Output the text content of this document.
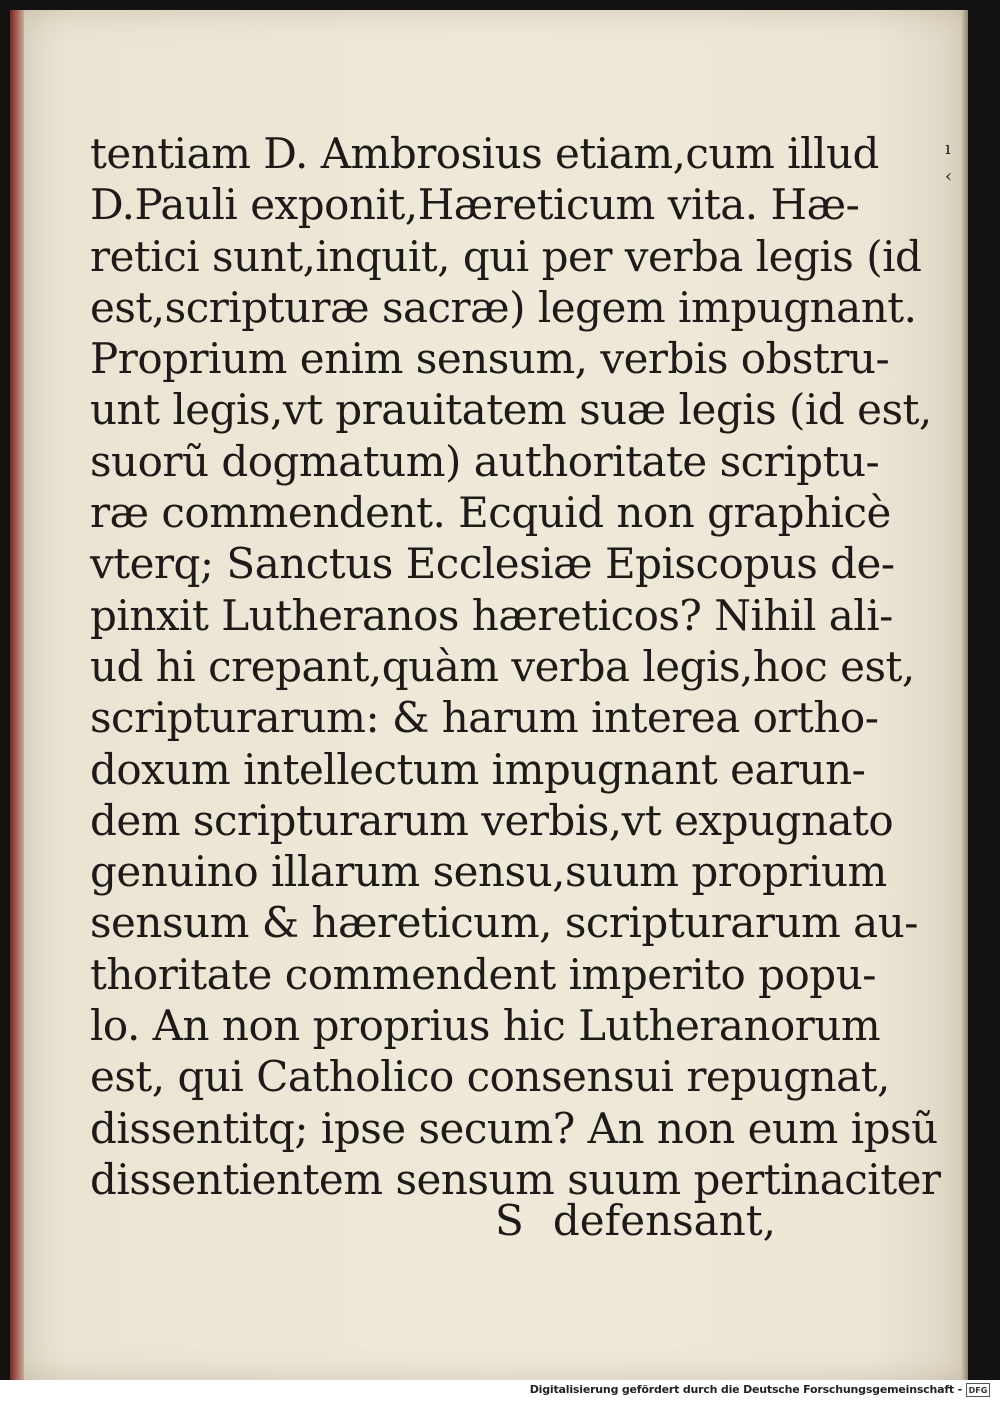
ı
‹
tentiam D. Ambrosius etiam,cum illud
D.Pauli exponit,Hæreticum vita. Hæ-
retici sunt,inquit, qui per verba legis (id
est,scripturæ sacræ) legem impugnant.
Proprium enim sensum, verbis obstru-
unt legis,vt prauitatem suæ legis (id est,
suorũ dogmatum) authoritate scriptu-
ræ commendent. Ecquid non graphicè
vterq; Sanctus Ecclesiæ Episcopus de-
pinxit Lutheranos hæreticos? Nihil ali-
ud hi crepant,quàm verba legis,hoc est,
scripturarum: & harum interea ortho-
doxum intellectum impugnant earun-
dem scripturarum verbis,vt expugnato
genuino illarum sensu,suum proprium
sensum & hæreticum, scripturarum au-
thoritate commendent imperito popu-
lo. An non proprius hic Lutheranorum
est, qui Catholico consensui repugnat,
dissentitq; ipse secum? An non eum ipsũ
dissentientem sensum suum pertinaciter
S defensant,
Digitalisierung gefördert durch die Deutsche Forschungsgemeinschaft - DFG
